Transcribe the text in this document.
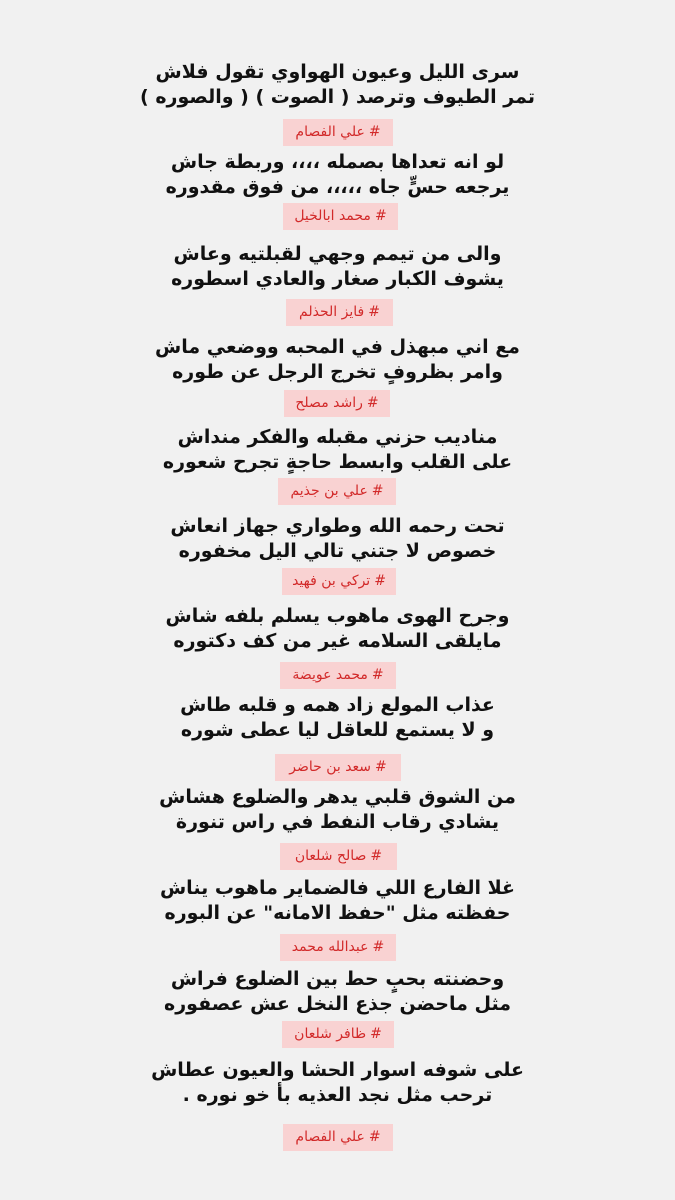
سرى الليل وعيون الهواوي تقول فلاش
تمر الطيوف وترصد ( الصوت ) ( والصوره )
#علي الفصام
لو انه تعداها بصمله ،،،، وربطة جاش
يرجعه حسٍّ جاه ،،،،، من فوق مقدوره
#محمد ابالخيل
والى من تيمم وجهي لقبلتيه وعاش
يشوف الكبار صغار والعادي اسطوره
#فايز الحذلم
مع اني مبهذل في المحبه ووضعي ماش
وامر بظروفٍ تخرج الرجل عن طوره
#راشد مصلح
مناديب حزني مقبله والفكر منداش
على القلب وابسط حاجةٍ تجرح شعوره
#علي بن جذيم
تحت رحمه الله وطواري جهاز انعاش
خصوص لا جتني تالي اليل مخفوره
#تركي بن فهيد
وجرح الهوى ماهوب يسلم بلفه شاش
مايلقى السلامه غير من كف دكتوره
#محمد عويضة
عذاب المولع زاد همه و قلبه طاش
و لا يستمع للعاقل ليا عطى شوره
#سعد بن حاضر
من الشوق قلبي يدهر والضلوع هشاش
يشادي رقاب النفط في راس تنورة
#صالح شلعان
غلا الفارع اللي فالضماير ماهوب يناش
حفظته مثل "حفظ الامانه" عن البوره
#عبدالله محمد
وحضنته بحبٍ حط بين الضلوع فراش
مثل ماحضن جذع النخل عش عصفوره
#ظافر شلعان
على شوفه اسوار الحشا والعيون عطاش
ترحب مثل نجد العذيه بأ خو نوره .
#علي الفصام
